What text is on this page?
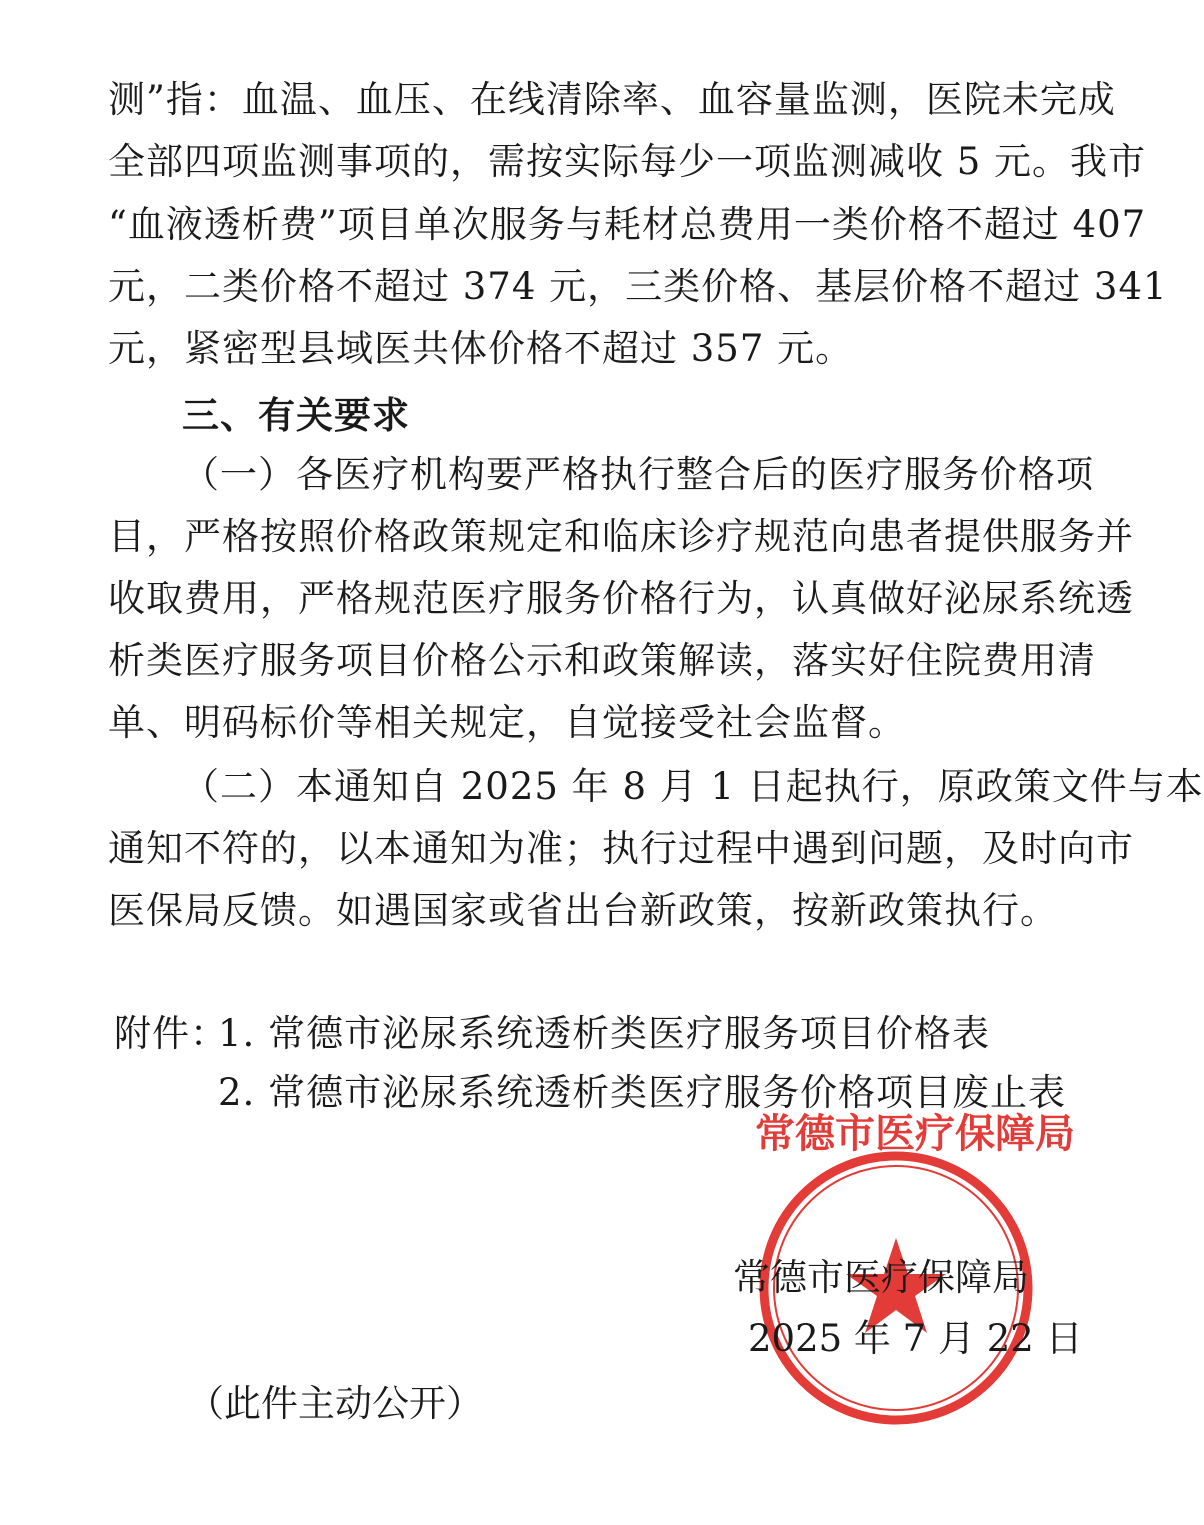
测”指：血温、血压、在线清除率、血容量监测，医院未完成
全部四项监测事项的，需按实际每少一项监测减收 5 元。我市
“血液透析费”项目单次服务与耗材总费用一类价格不超过 407
元，二类价格不超过 374 元，三类价格、基层价格不超过 341
元，紧密型县域医共体价格不超过 357 元。
三、有关要求
（一）各医疗机构要严格执行整合后的医疗服务价格项
目，严格按照价格政策规定和临床诊疗规范向患者提供服务并
收取费用，严格规范医疗服务价格行为，认真做好泌尿系统透
析类医疗服务项目价格公示和政策解读，落实好住院费用清
单、明码标价等相关规定，自觉接受社会监督。
（二）本通知自 2025 年 8 月 1 日起执行，原政策文件与本
通知不符的，以本通知为准；执行过程中遇到问题，及时向市
医保局反馈。如遇国家或省出台新政策，按新政策执行。
附件：
1. 常德市泌尿系统透析类医疗服务项目价格表
2. 常德市泌尿系统透析类医疗服务价格项目废止表
常德市医疗保障局
常德市医疗保障局
2025 年 7 月 22 日
（此件主动公开）
